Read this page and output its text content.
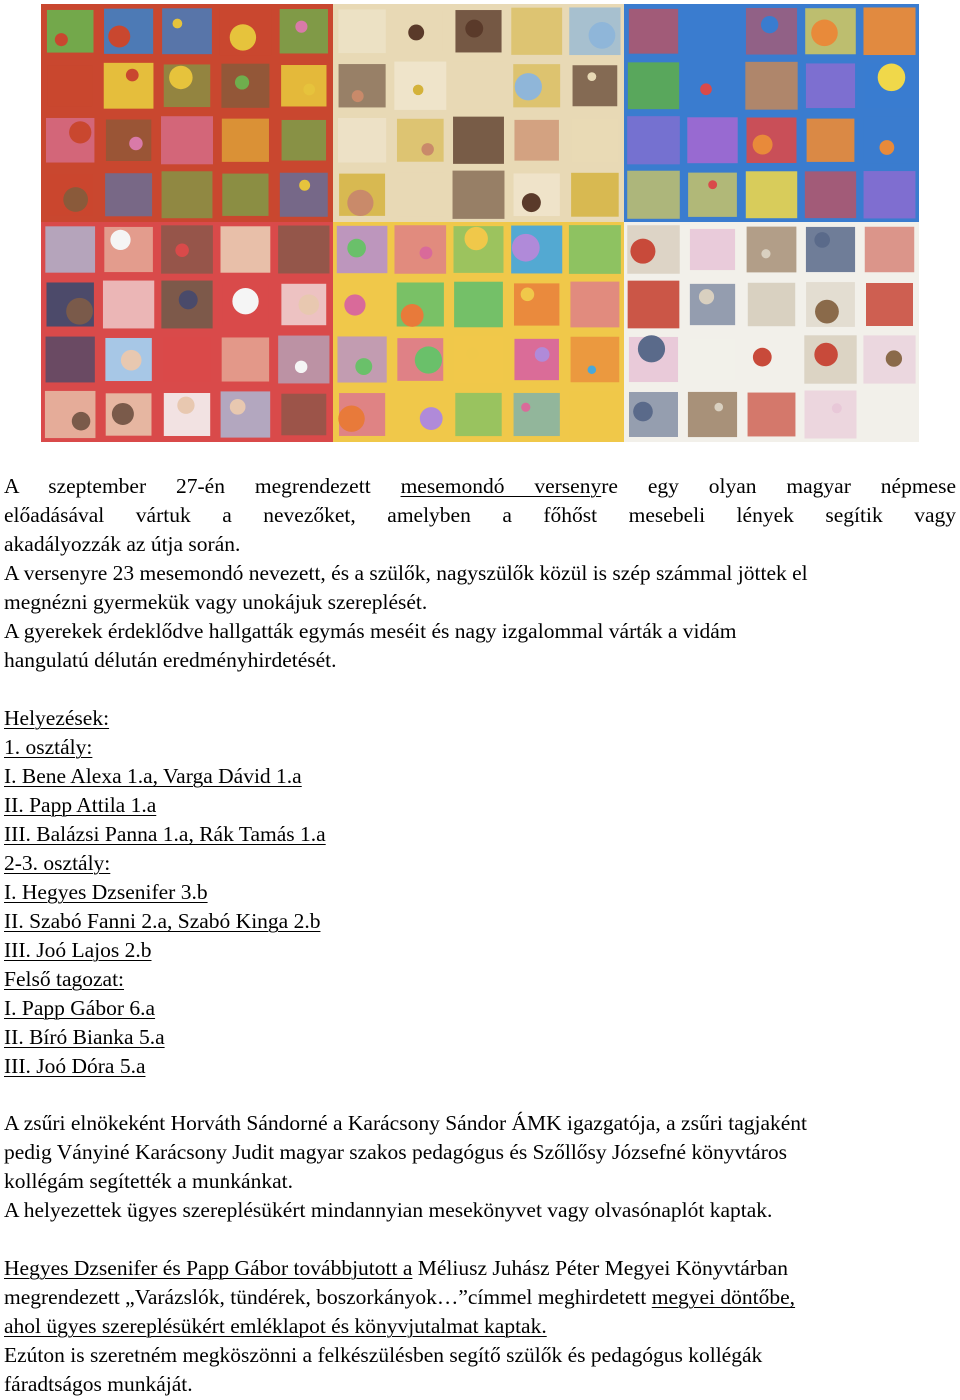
A szeptember 27-én megrendezett mesemondó versenyre egy olyan magyar népmese
előadásával vártuk a nevezőket, amelyben a főhőst mesebeli lények segítik vagy
akadályozzák az útja során.
A versenyre 23 mesemondó nevezett, és a szülők, nagyszülők közül is szép számmal jöttek el
megnézni gyermekük vagy unokájuk szereplését.
A gyerekek érdeklődve hallgatták egymás meséit és nagy izgalommal várták a vidám
hangulatú délután eredményhirdetését.
Helyezések:
1. osztály:
I. Bene Alexa 1.a, Varga Dávid 1.a
II. Papp Attila 1.a
III. Balázsi Panna 1.a, Rák Tamás 1.a
2-3. osztály:
I. Hegyes Dzsenifer 3.b
II. Szabó Fanni 2.a, Szabó Kinga 2.b
III. Joó Lajos 2.b
Felső tagozat:
I. Papp Gábor 6.a
II. Bíró Bianka 5.a
III. Joó Dóra 5.a
A zsűri elnökeként Horváth Sándorné a Karácsony Sándor ÁMK igazgatója, a zsűri tagjaként
pedig Ványiné Karácsony Judit magyar szakos pedagógus és Szőllősy Józsefné könyvtáros
kollégám segítették a munkánkat.
A helyezettek ügyes szereplésükért mindannyian mesekönyvet vagy olvasónaplót kaptak.
Hegyes Dzsenifer és Papp Gábor továbbjutott a Méliusz Juhász Péter Megyei Könyvtárban
megrendezett „Varázslók, tündérek, boszorkányok…”címmel meghirdetett megyei döntőbe,
ahol ügyes szereplésükért emléklapot és könyvjutalmat kaptak.
Ezúton is szeretném megköszönni a felkészülésben segítő szülők és pedagógus kollégák
fáradtságos munkáját.
